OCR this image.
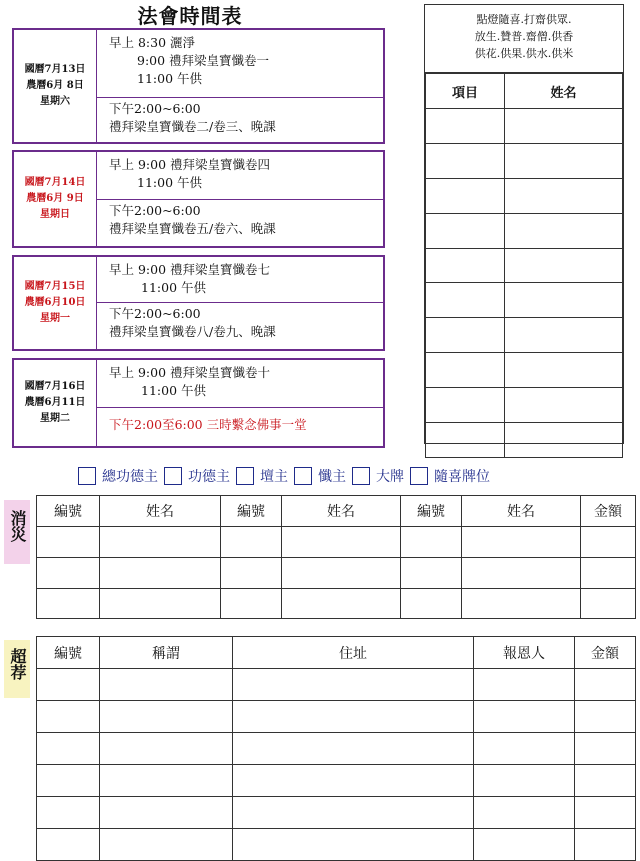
法會時間表
國曆7月13日
農曆6月 8日
星期六
早上 8:30 灑淨
9:00 禮拜梁皇寶懺卷一
11:00 午供
下午2:00~6:00
禮拜梁皇寶懺卷二/卷三、晚課
國曆7月14日
農曆6月 9日
星期日
早上 9:00 禮拜梁皇寶懺卷四
11:00 午供
下午2:00~6:00
禮拜梁皇寶懺卷五/卷六、晚課
國曆7月15日
農曆6月10日
星期一
早上 9:00 禮拜梁皇寶懺卷七
11:00 午供
下午2:00~6:00
禮拜梁皇寶懺卷八/卷九、晚課
國曆7月16日
農曆6月11日
星期二
早上 9:00 禮拜梁皇寶懺卷十
11:00 午供
下午2:00至6:00 三時繫念佛事一堂
點燈隨喜.打齋供眾.
放生.贊普.齋僧.供香
供花.供果.供水.供米
項目	姓名

總功德主 功德主 壇主 懺主 大牌 隨喜牌位
消災 編號	姓名	編號	姓名	編號	姓名	金額

超荐 編號	稱謂	住址	報恩人	金額
